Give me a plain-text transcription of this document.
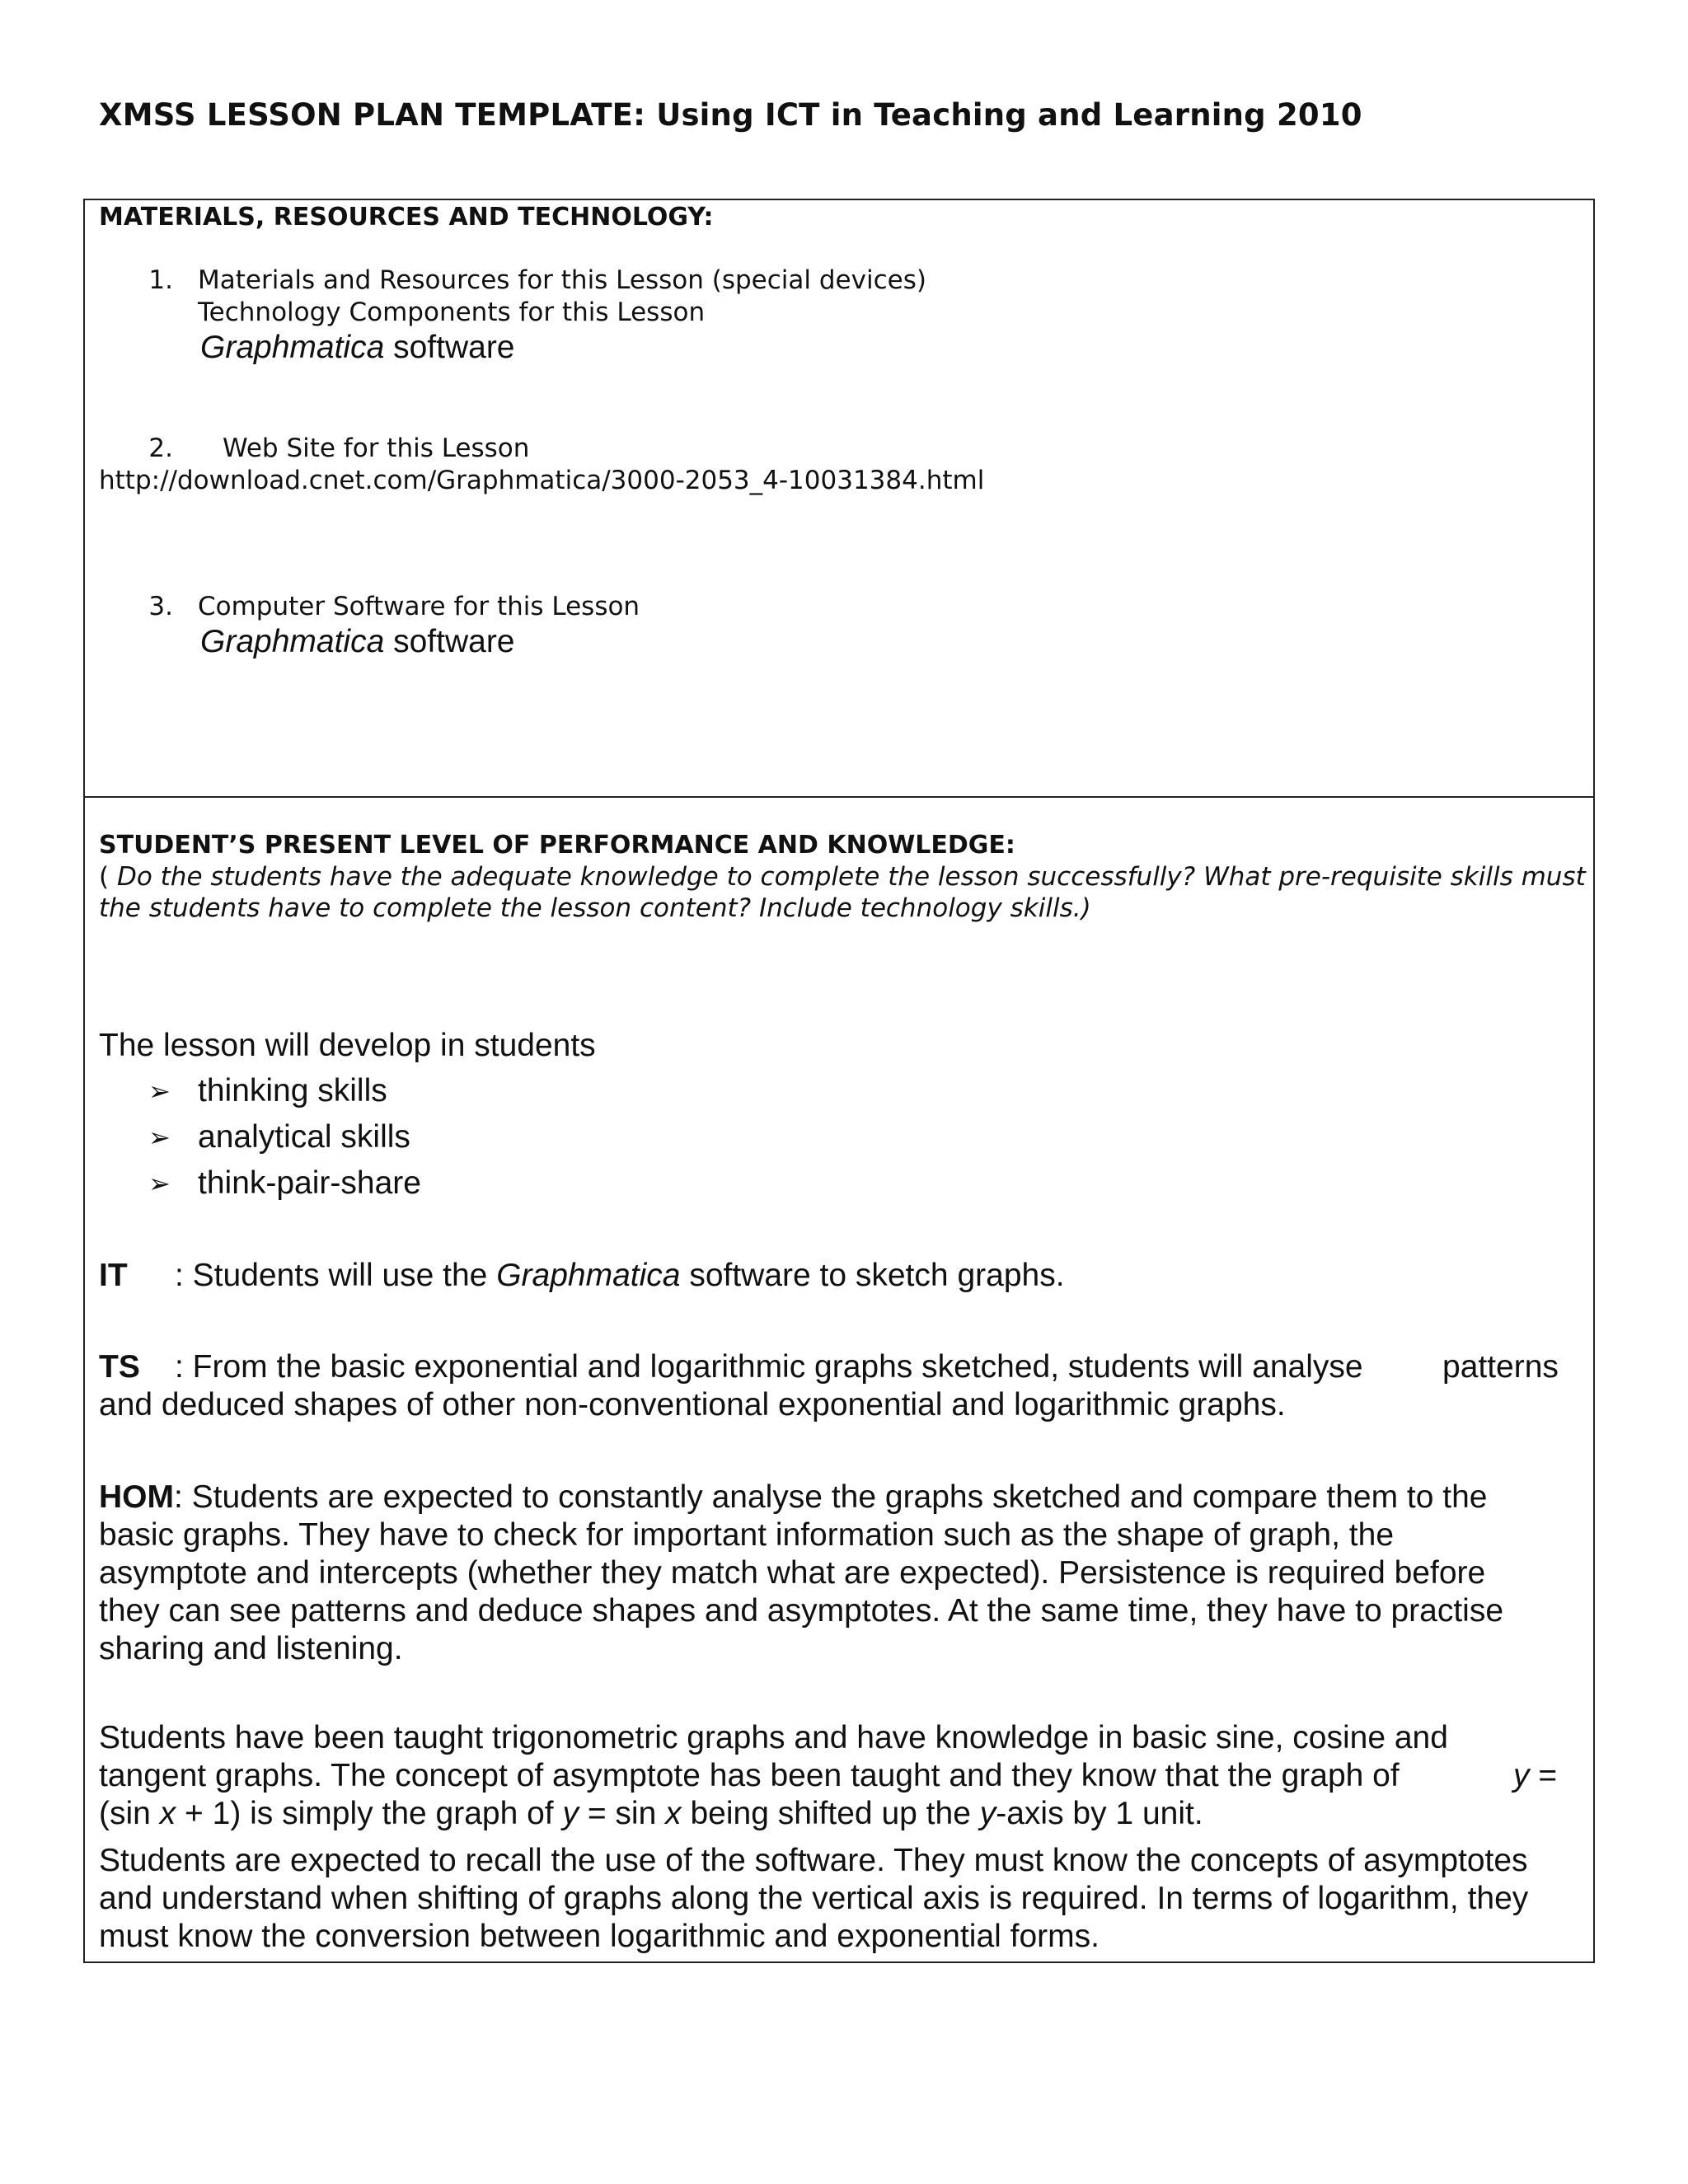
XMSS LESSON PLAN TEMPLATE: Using ICT in Teaching and Learning 2010
MATERIALS, RESOURCES AND TECHNOLOGY:
1. Materials and Resources for this Lesson (special devices)
Technology Components for this Lesson
Graphmatica software
2. Web Site for this Lesson
http://download.cnet.com/Graphmatica/3000-2053_4-10031384.html
3. Computer Software for this Lesson
Graphmatica software
STUDENT’S PRESENT LEVEL OF PERFORMANCE AND KNOWLEDGE:
( Do the students have the adequate knowledge to complete the lesson successfully? What pre-requisite skills must
the students have to complete the lesson content? Include technology skills.)
The lesson will develop in students
➢ thinking skills
➢ analytical skills
➢ think-pair-share
IT : Students will use the Graphmatica software to sketch graphs.
TS : From the basic exponential and logarithmic graphs sketched, students will analyse patterns
and deduced shapes of other non-conventional exponential and logarithmic graphs.
HOM: Students are expected to constantly analyse the graphs sketched and compare them to the
basic graphs. They have to check for important information such as the shape of graph, the
asymptote and intercepts (whether they match what are expected). Persistence is required before
they can see patterns and deduce shapes and asymptotes. At the same time, they have to practise
sharing and listening.
Students have been taught trigonometric graphs and have knowledge in basic sine, cosine and
tangent graphs. The concept of asymptote has been taught and they know that the graph of	y =
(sin x + 1) is simply the graph of y = sin x being shifted up the y-axis by 1 unit.
Students are expected to recall the use of the software. They must know the concepts of asymptotes
and understand when shifting of graphs along the vertical axis is required. In terms of logarithm, they
must know the conversion between logarithmic and exponential forms.
